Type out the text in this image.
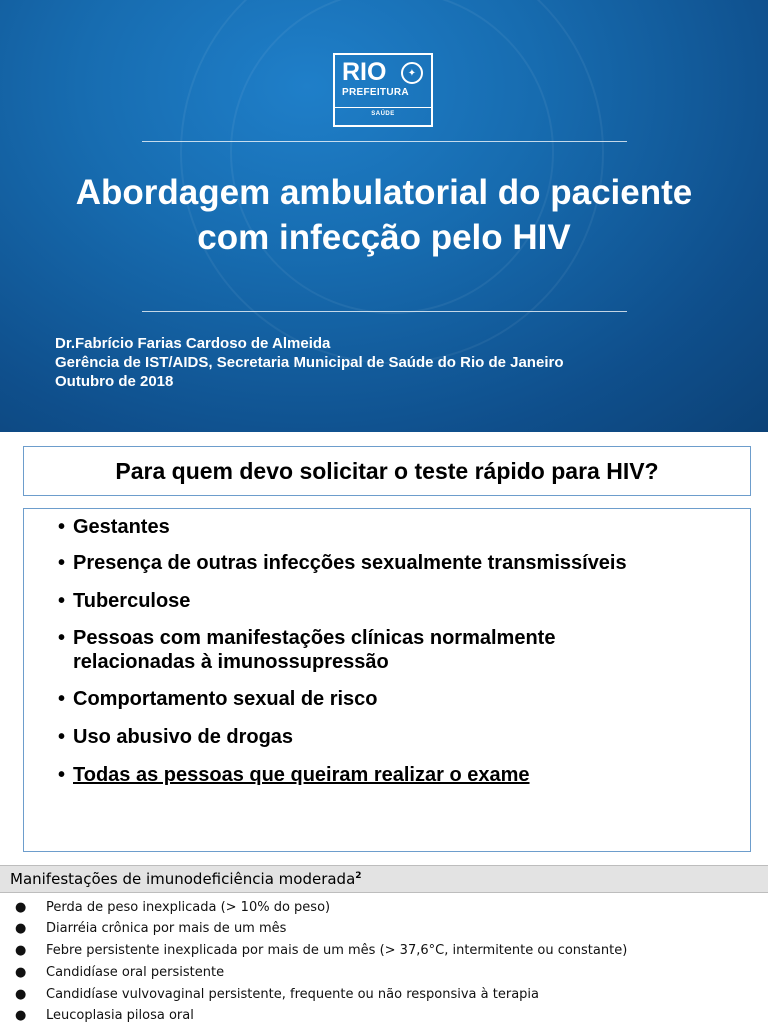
RIO	✦
PREFEITURA
SAÚDE
Abordagem ambulatorial do paciente
com infecção pelo HIV
Dr.Fabrício Farias Cardoso de Almeida
Gerência de IST/AIDS, Secretaria Municipal de Saúde do Rio de Janeiro
Outubro de 2018
Para quem devo solicitar o teste rápido para HIV?
• Gestantes
• Presença de outras infecções sexualmente transmissíveis
• Tuberculose
• Pessoas com manifestações clínicas normalmente
relacionadas à imunossupressão
• Comportamento sexual de risco
• Uso abusivo de drogas
• Todas as pessoas que queiram realizar o exame
Manifestações de imunodeficiência moderada$^2$
● Perda de peso inexplicada (> 10% do peso)
● Diarréia crônica por mais de um mês
● Febre persistente inexplicada por mais de um mês (> 37,6°C, intermitente ou constante)
● Candidíase oral persistente
● Candidíase vulvovaginal persistente, frequente ou não responsiva à terapia
● Leucoplasia pilosa oral
